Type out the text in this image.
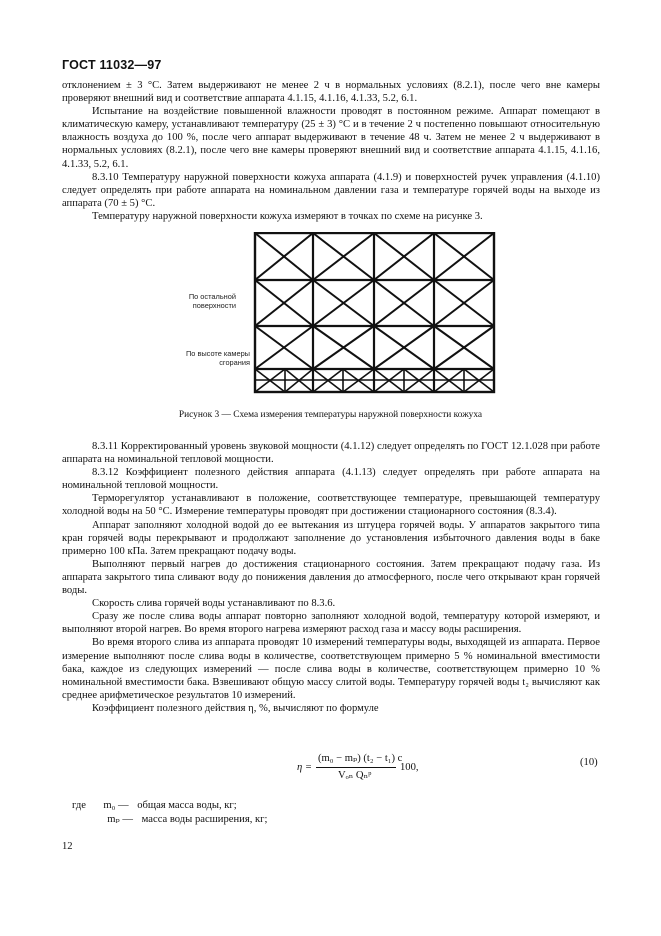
ГОСТ 11032—97

отклонением ± 3 °С. Затем выдерживают не менее 2 ч в нормальных условиях (8.2.1), после чего вне камеры проверяют внешний вид и соответствие аппарата 4.1.15, 4.1.16, 4.1.33, 5.2, 6.1.

Испытание на воздействие повышенной влажности проводят в постоянном режиме. Аппарат помещают в климатическую камеру, устанавливают температуру (25 ± 3) °С и в течение 2 ч постепенно повышают относительную влажность воздуха до 100 %, после чего аппарат выдерживают в течение 48 ч. Затем не менее 2 ч выдерживают в нормальных условиях (8.2.1), после чего вне камеры проверяют внешний вид и соответствие аппарата 4.1.15, 4.1.16, 4.1.33, 5.2, 6.1.

8.3.10 Температуру наружной поверхности кожуха аппарата (4.1.9) и поверхностей ручек управления (4.1.10) следует определять при работе аппарата на номинальном давлении газа и температуре горячей воды на выходе из аппарата (70 ± 5) °С.

Температуру наружной поверхности кожуха измеряют в точках по схеме на рисунке 3.

По остальной поверхности
По высоте камеры сгорания
Рисунок 3 — Схема измерения температуры наружной поверхности кожуха

8.3.11 Корректированный уровень звуковой мощности (4.1.12) следует определять по ГОСТ 12.1.028 при работе аппарата на номинальной тепловой мощности.

8.3.12 Коэффициент полезного действия аппарата (4.1.13) следует определять при работе аппарата на номинальной тепловой мощности.

Терморегулятор устанавливают в положение, соответствующее температуре, превышающей температуру холодной воды на 50 °С. Измерение температуры проводят при достижении стационарного состояния (8.3.4).

Аппарат заполняют холодной водой до ее вытекания из штуцера горячей воды. У аппаратов закрытого типа кран горячей воды перекрывают и продолжают заполнение до установления избыточного давления воды в баке примерно 100 кПа. Затем прекращают подачу воды.

Выполняют первый нагрев до достижения стационарного состояния. Затем прекращают подачу газа. Из аппарата закрытого типа сливают воду до понижения давления до атмосферного, после чего открывают кран горячей воды.

Скорость слива горячей воды устанавливают по 8.3.6.

Сразу же после слива воды аппарат повторно заполняют холодной водой, температуру которой измеряют, и выполняют второй нагрев. Во время второго нагрева измеряют расход газа и массу воды расширения.

Во время второго слива из аппарата проводят 10 измерений температуры воды, выходящей из аппарата. Первое измерение выполняют после слива воды в количестве, соответствующем примерно 5 % номинальной вместимости бака, каждое из следующих измерений — после слива воды в количестве, соответствующем примерно 10 % номинальной вместимости бака. Взвешивают общую массу слитой воды. Температуру горячей воды t₂ вычисляют как среднее арифметическое результатов 10 измерений.

Коэффициент полезного действия η, %, вычисляют по формуле

η =
(m₀ − mₚ) (t₂ − t₁) c
Vₒₙ Qₙᵖ
100,	(10)
где m₀ — общая масса воды, кг;
mₚ — масса воды расширения, кг;
12
